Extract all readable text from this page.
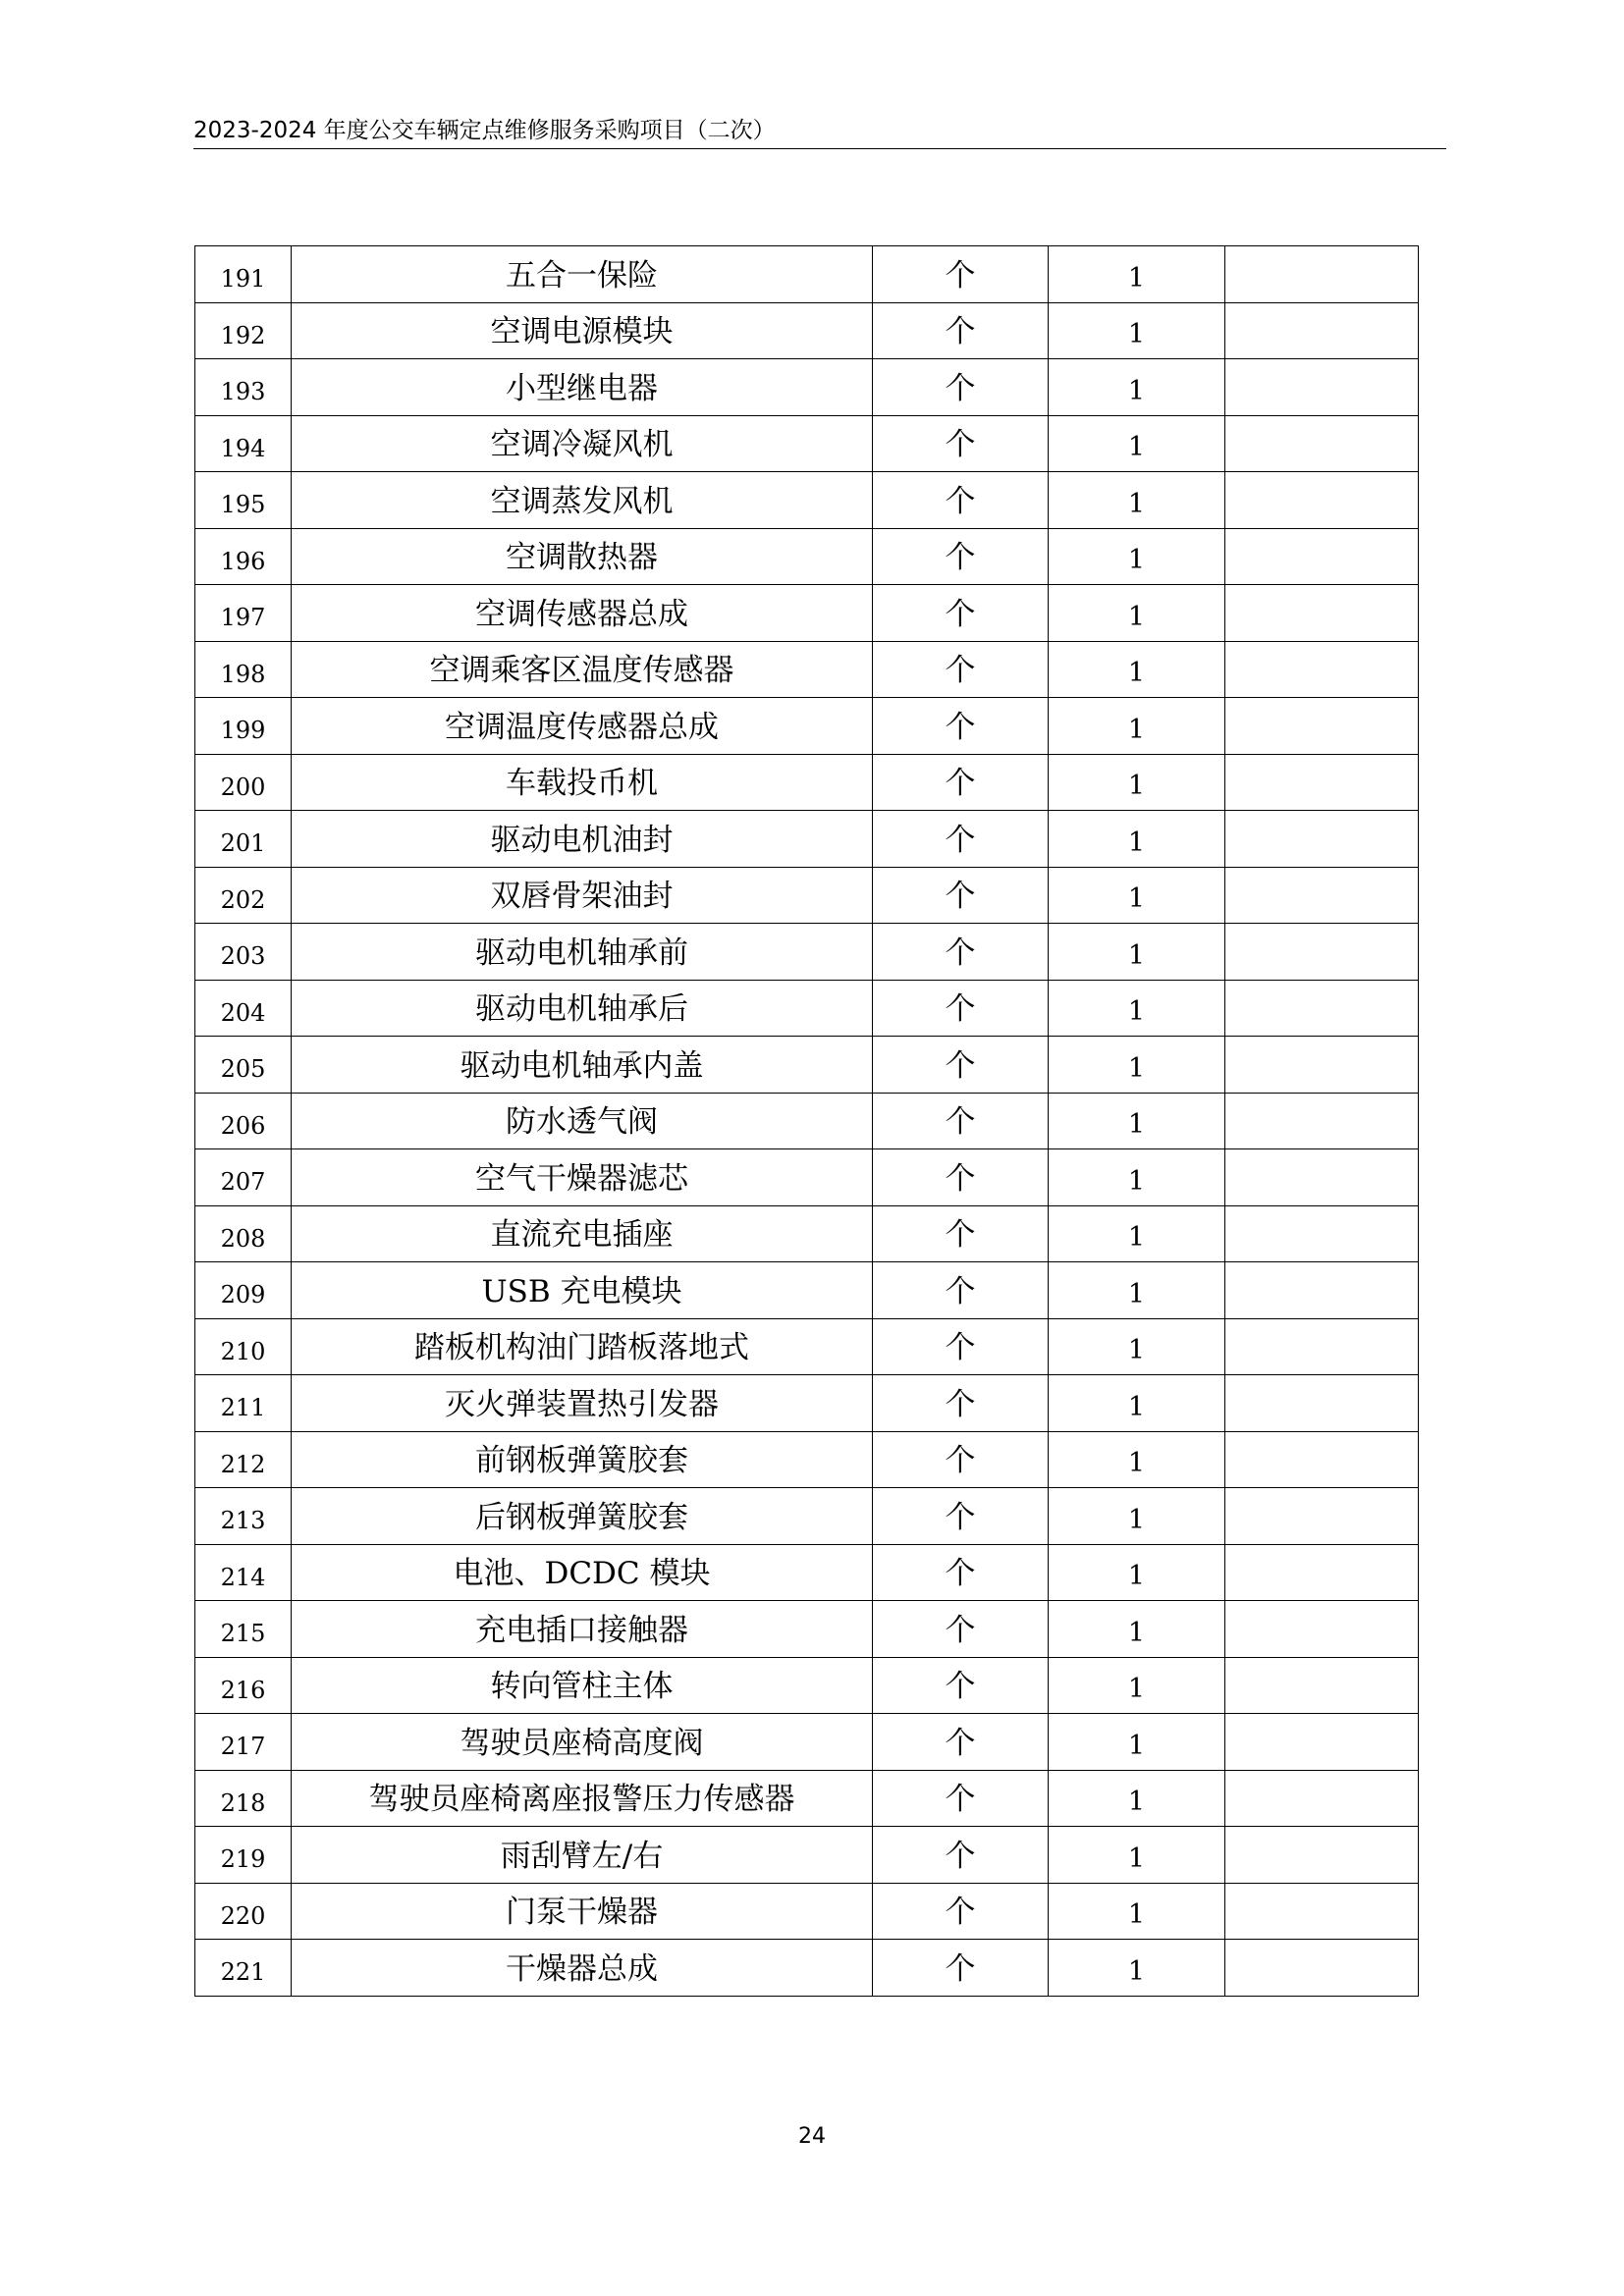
2023-2024 年度公交车辆定点维修服务采购项目（二次）
191	五合一保险	个	1	
192	空调电源模块	个	1	
193	小型继电器	个	1	
194	空调冷凝风机	个	1	
195	空调蒸发风机	个	1	
196	空调散热器	个	1	
197	空调传感器总成	个	1	
198	空调乘客区温度传感器	个	1	
199	空调温度传感器总成	个	1	
200	车载投币机	个	1	
201	驱动电机油封	个	1	
202	双唇骨架油封	个	1	
203	驱动电机轴承前	个	1	
204	驱动电机轴承后	个	1	
205	驱动电机轴承内盖	个	1	
206	防水透气阀	个	1	
207	空气干燥器滤芯	个	1	
208	直流充电插座	个	1	
209	USB 充电模块	个	1	
210	踏板机构油门踏板落地式	个	1	
211	灭火弹装置热引发器	个	1	
212	前钢板弹簧胶套	个	1	
213	后钢板弹簧胶套	个	1	
214	电池、DCDC 模块	个	1	
215	充电插口接触器	个	1	
216	转向管柱主体	个	1	
217	驾驶员座椅高度阀	个	1	
218	驾驶员座椅离座报警压力传感器	个	1	
219	雨刮臂左/右	个	1	
220	门泵干燥器	个	1	
221	干燥器总成	个	1	
24
